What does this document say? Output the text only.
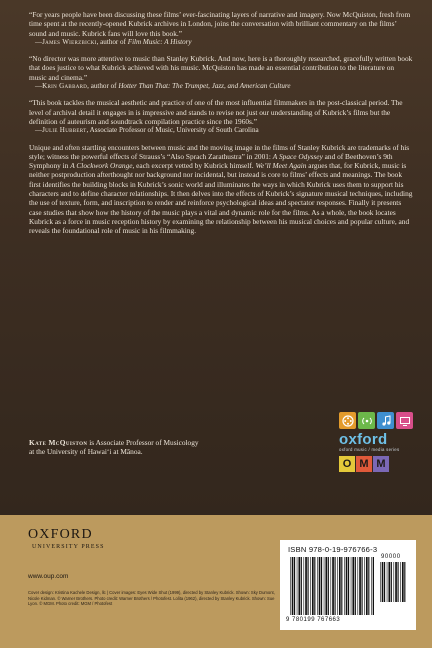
“For years people have been discussing these films’ ever-fascinating layers of narrative and imagery. Now McQuiston, fresh from time spent at the recently-opened Kubrick archives in London, joins the conversation with brilliant commentary on the films’ sound and music. Kubrick fans will love this book.”
—James Wierzbicki, author of Film Music: A History
“No director was more attentive to music than Stanley Kubrick. And now, here is a thoroughly researched, gracefully written book that does justice to what Kubrick achieved with his music. McQuiston has made an essential contribution to the literature on music and cinema.”
—Krin Gabbard, author of Hotter Than That: The Trumpet, Jazz, and American Culture
“This book tackles the musical aesthetic and practice of one of the most influential filmmakers in the post-classical period. The level of archival detail it engages in is impressive and stands to revise not just our understanding of Kubrick’s films but the definition of auteurism and soundtrack compilation practice since the 1960s.”
—Julie Hubbert, Associate Professor of Music, University of South Carolina

Unique and often startling encounters between music and the moving image in the films of Stanley Kubrick are trademarks of his style; witness the powerful effects of Strauss’s “Also Sprach Zarathustra” in 2001: A Space Odyssey and of Beethoven’s 9th Symphony in A Clockwork Orange, each excerpt vetted by Kubrick himself. We’ll Meet Again argues that, for Kubrick, music is neither postproduction afterthought nor background nor incidental, but instead is core to films’ effects and meanings. The book first identifies the building blocks in Kubrick’s sonic world and illuminates the ways in which Kubrick uses them to support his characters and to define character relationships. It then delves into the effects of Kubrick’s signature musical techniques, including the use of texture, form, and inscription to render and reinforce psychological ideas and spectator responses. Finally it presents case studies that show how the history of the music plays a vital and dynamic role for the films. As a whole, the book locates Kubrick as a force in music reception history by examining the relationship between his musical choices and popular culture, and reveals the foundational role of music in his filmmaking.

Kate McQuiston is Associate Professor of Musicology
at the University of Hawai‘i at Mānoa.
oxford
oxford music / media series
O M M
OXFORD
UNIVERSITY PRESS
www.oup.com
Cover design: Kristina Kachele Design, llc | Cover images: Eyes Wide Shut (1999), directed by Stanley Kubrick. Shown: Sky Dumont, Nicole Kidman. © Warner Brothers. Photo credit: Warner Brothers / Photofest. Lolita (1962), directed by Stanley Kubrick. Shown: Sue Lyon. © MGM. Photo credit: MGM / Photofest
ISBN 978-0-19-976766-3
90000
9 780199 767663
